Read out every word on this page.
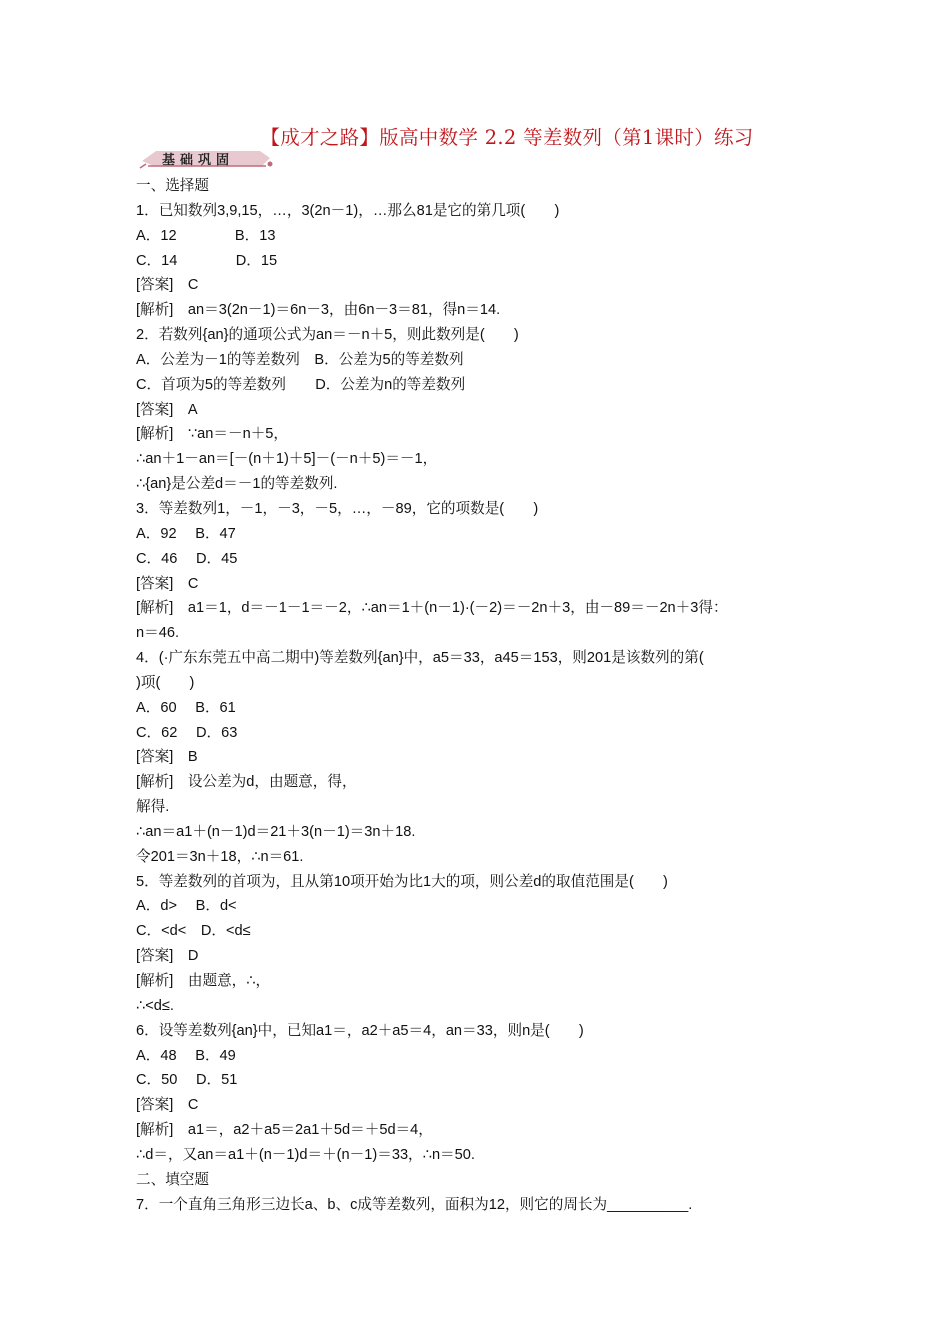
【成才之路】版高中数学 2.2 等差数列（第1课时）练习
基础巩固
一、选择题
1．已知数列3,9,15，…，3(2n－1)，…那么81是它的第几项(　　)
A．12　　　　B．13
C．14　　　　D．15
[答案]　C
[解析]　an＝3(2n－1)＝6n－3，由6n－3＝81，得n＝14.
2．若数列{an}的通项公式为an＝－n＋5，则此数列是(　　)
A．公差为－1的等差数列　B．公差为5的等差数列
C．首项为5的等差数列　　D．公差为n的等差数列
[答案]　A
[解析]　∵an＝－n＋5，
∴an＋1－an＝[－(n＋1)＋5]－(－n＋5)＝－1，
∴{an}是公差d＝－1的等差数列.
3．等差数列1，－1，－3，－5，…，－89，它的项数是(　　)
A．92　 B．47
C．46　 D．45
[答案]　C
[解析]　a1＝1，d＝－1－1＝－2，∴an＝1＋(n－1)·(－2)＝－2n＋3，由－89＝－2n＋3得：
n＝46.
4．(·广东东莞五中高二期中)等差数列{an}中，a5＝33，a45＝153，则201是该数列的第(
)项(　　)
A．60　 B．61
C．62　 D．63
[答案]　B
[解析]　设公差为d，由题意，得，
解得.
∴an＝a1＋(n－1)d＝21＋3(n－1)＝3n＋18.
令201＝3n＋18，∴n＝61.
5．等差数列的首项为，且从第10项开始为比1大的项，则公差d的取值范围是(　　)
A．d>　 B．d<
C．<d<　D．<d≤
[答案]　D
[解析]　由题意，∴，
∴<d≤.
6．设等差数列{an}中，已知a1＝，a2＋a5＝4，an＝33，则n是(　　)
A．48　 B．49
C．50　 D．51
[答案]　C
[解析]　a1＝，a2＋a5＝2a1＋5d＝＋5d＝4，
∴d＝，又an＝a1＋(n－1)d＝＋(n－1)＝33，∴n＝50.
二、填空题
7．一个直角三角形三边长a、b、c成等差数列，面积为12，则它的周长为__________.
